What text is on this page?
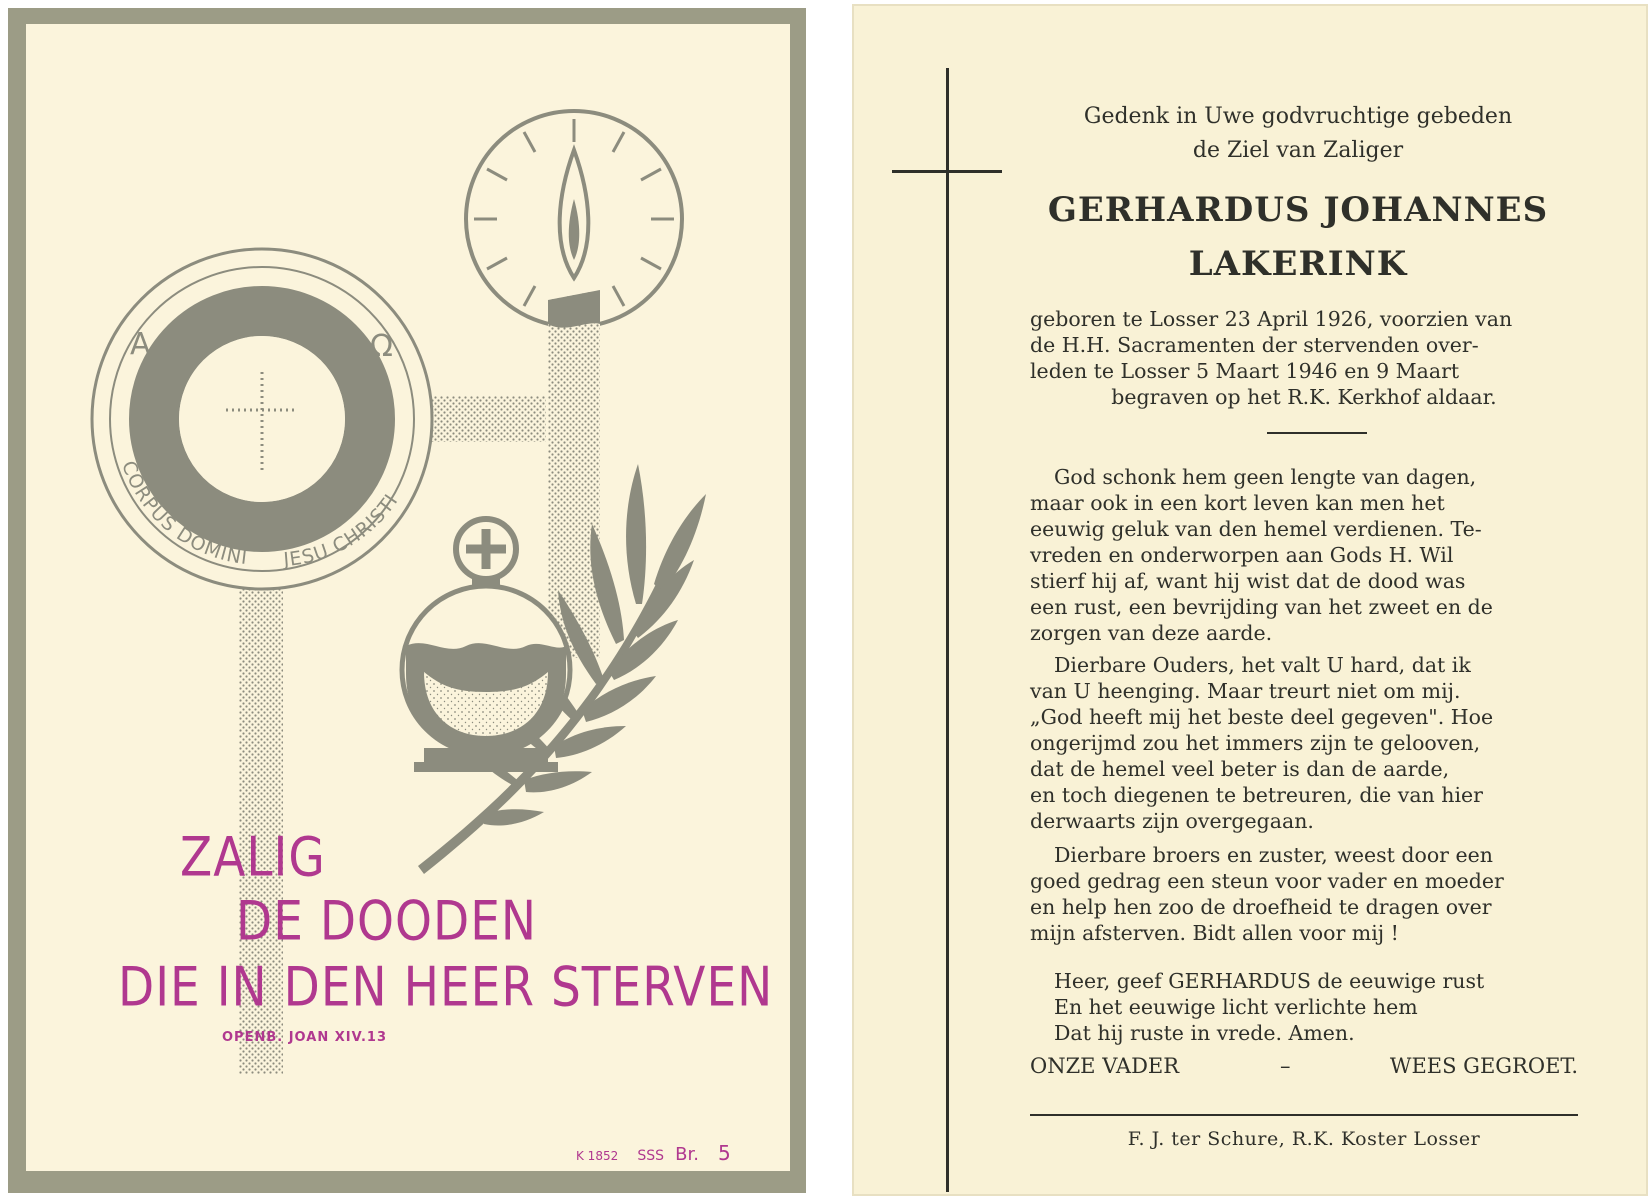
A	Ω
CORPUS DOMINI JESU CHRISTI
ZALIG
DE DOODEN
DIE IN DEN HEER STERVEN
OPENB. JOAN XIV.13
K 1852 SSS Br. 5
Gedenk in Uwe godvruchtige gebeden
de Ziel van Zaliger
GERHARDUS JOHANNES
LAKERINK
geboren te Losser 23 April 1926, voorzien van
de H.H. Sacramenten der stervenden over-
leden te Losser 5 Maart 1946 en 9 Maart
begraven op het R.K. Kerkhof aldaar.
God schonk hem geen lengte van dagen,
maar ook in een kort leven kan men het
eeuwig geluk van den hemel verdienen. Te-
vreden en onderworpen aan Gods H. Wil
stierf hij af, want hij wist dat de dood was
een rust, een bevrijding van het zweet en de
zorgen van deze aarde.
Dierbare Ouders, het valt U hard, dat ik
van U heenging. Maar treurt niet om mij.
„God heeft mij het beste deel gegeven". Hoe
ongerijmd zou het immers zijn te gelooven,
dat de hemel veel beter is dan de aarde,
en toch diegenen te betreuren, die van hier
derwaarts zijn overgegaan.
Dierbare broers en zuster, weest door een
goed gedrag een steun voor vader en moeder
en help hen zoo de droefheid te dragen over
mijn afsterven. Bidt allen voor mij !
Heer, geef GERHARDUS de eeuwige rust
En het eeuwige licht verlichte hem
Dat hij ruste in vrede. Amen.
ONZE VADER	–	WEES GEGROET.
F. J. ter Schure, R.K. Koster Losser
